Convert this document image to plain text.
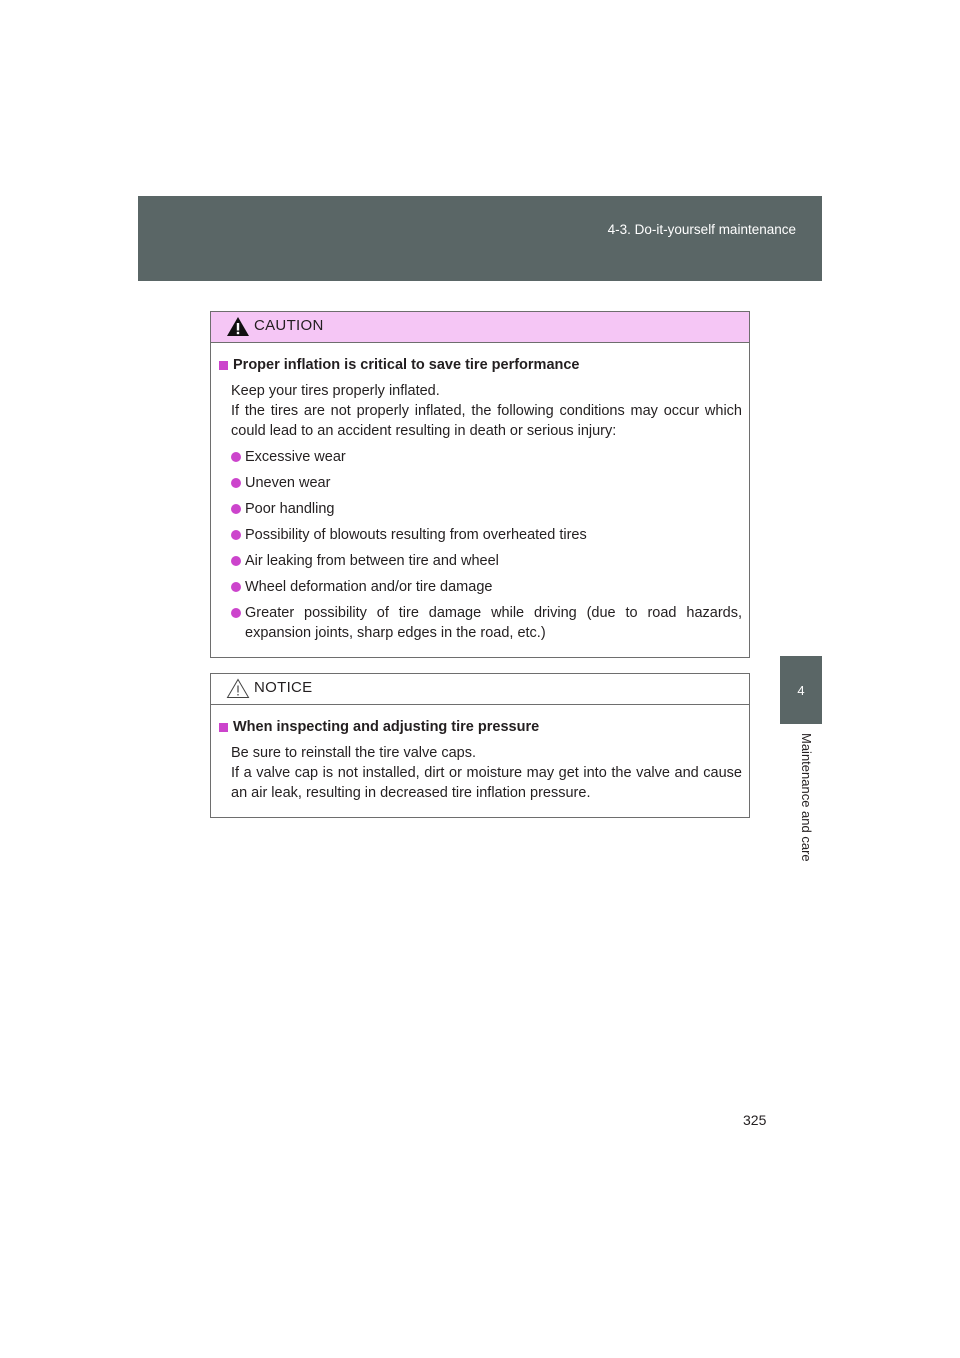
4-3. Do-it-yourself maintenance
4
Maintenance and care
CAUTION
Proper inflation is critical to save tire performance
Keep your tires properly inflated.
If the tires are not properly inflated, the following conditions may occur which could lead to an accident resulting in death or serious injury:
Excessive wear
Uneven wear
Poor handling
Possibility of blowouts resulting from overheated tires
Air leaking from between tire and wheel
Wheel deformation and/or tire damage
Greater possibility of tire damage while driving (due to road hazards, expansion joints, sharp edges in the road, etc.)
NOTICE
When inspecting and adjusting tire pressure
Be sure to reinstall the tire valve caps.
If a valve cap is not installed, dirt or moisture may get into the valve and cause an air leak, resulting in decreased tire inflation pressure.
325
